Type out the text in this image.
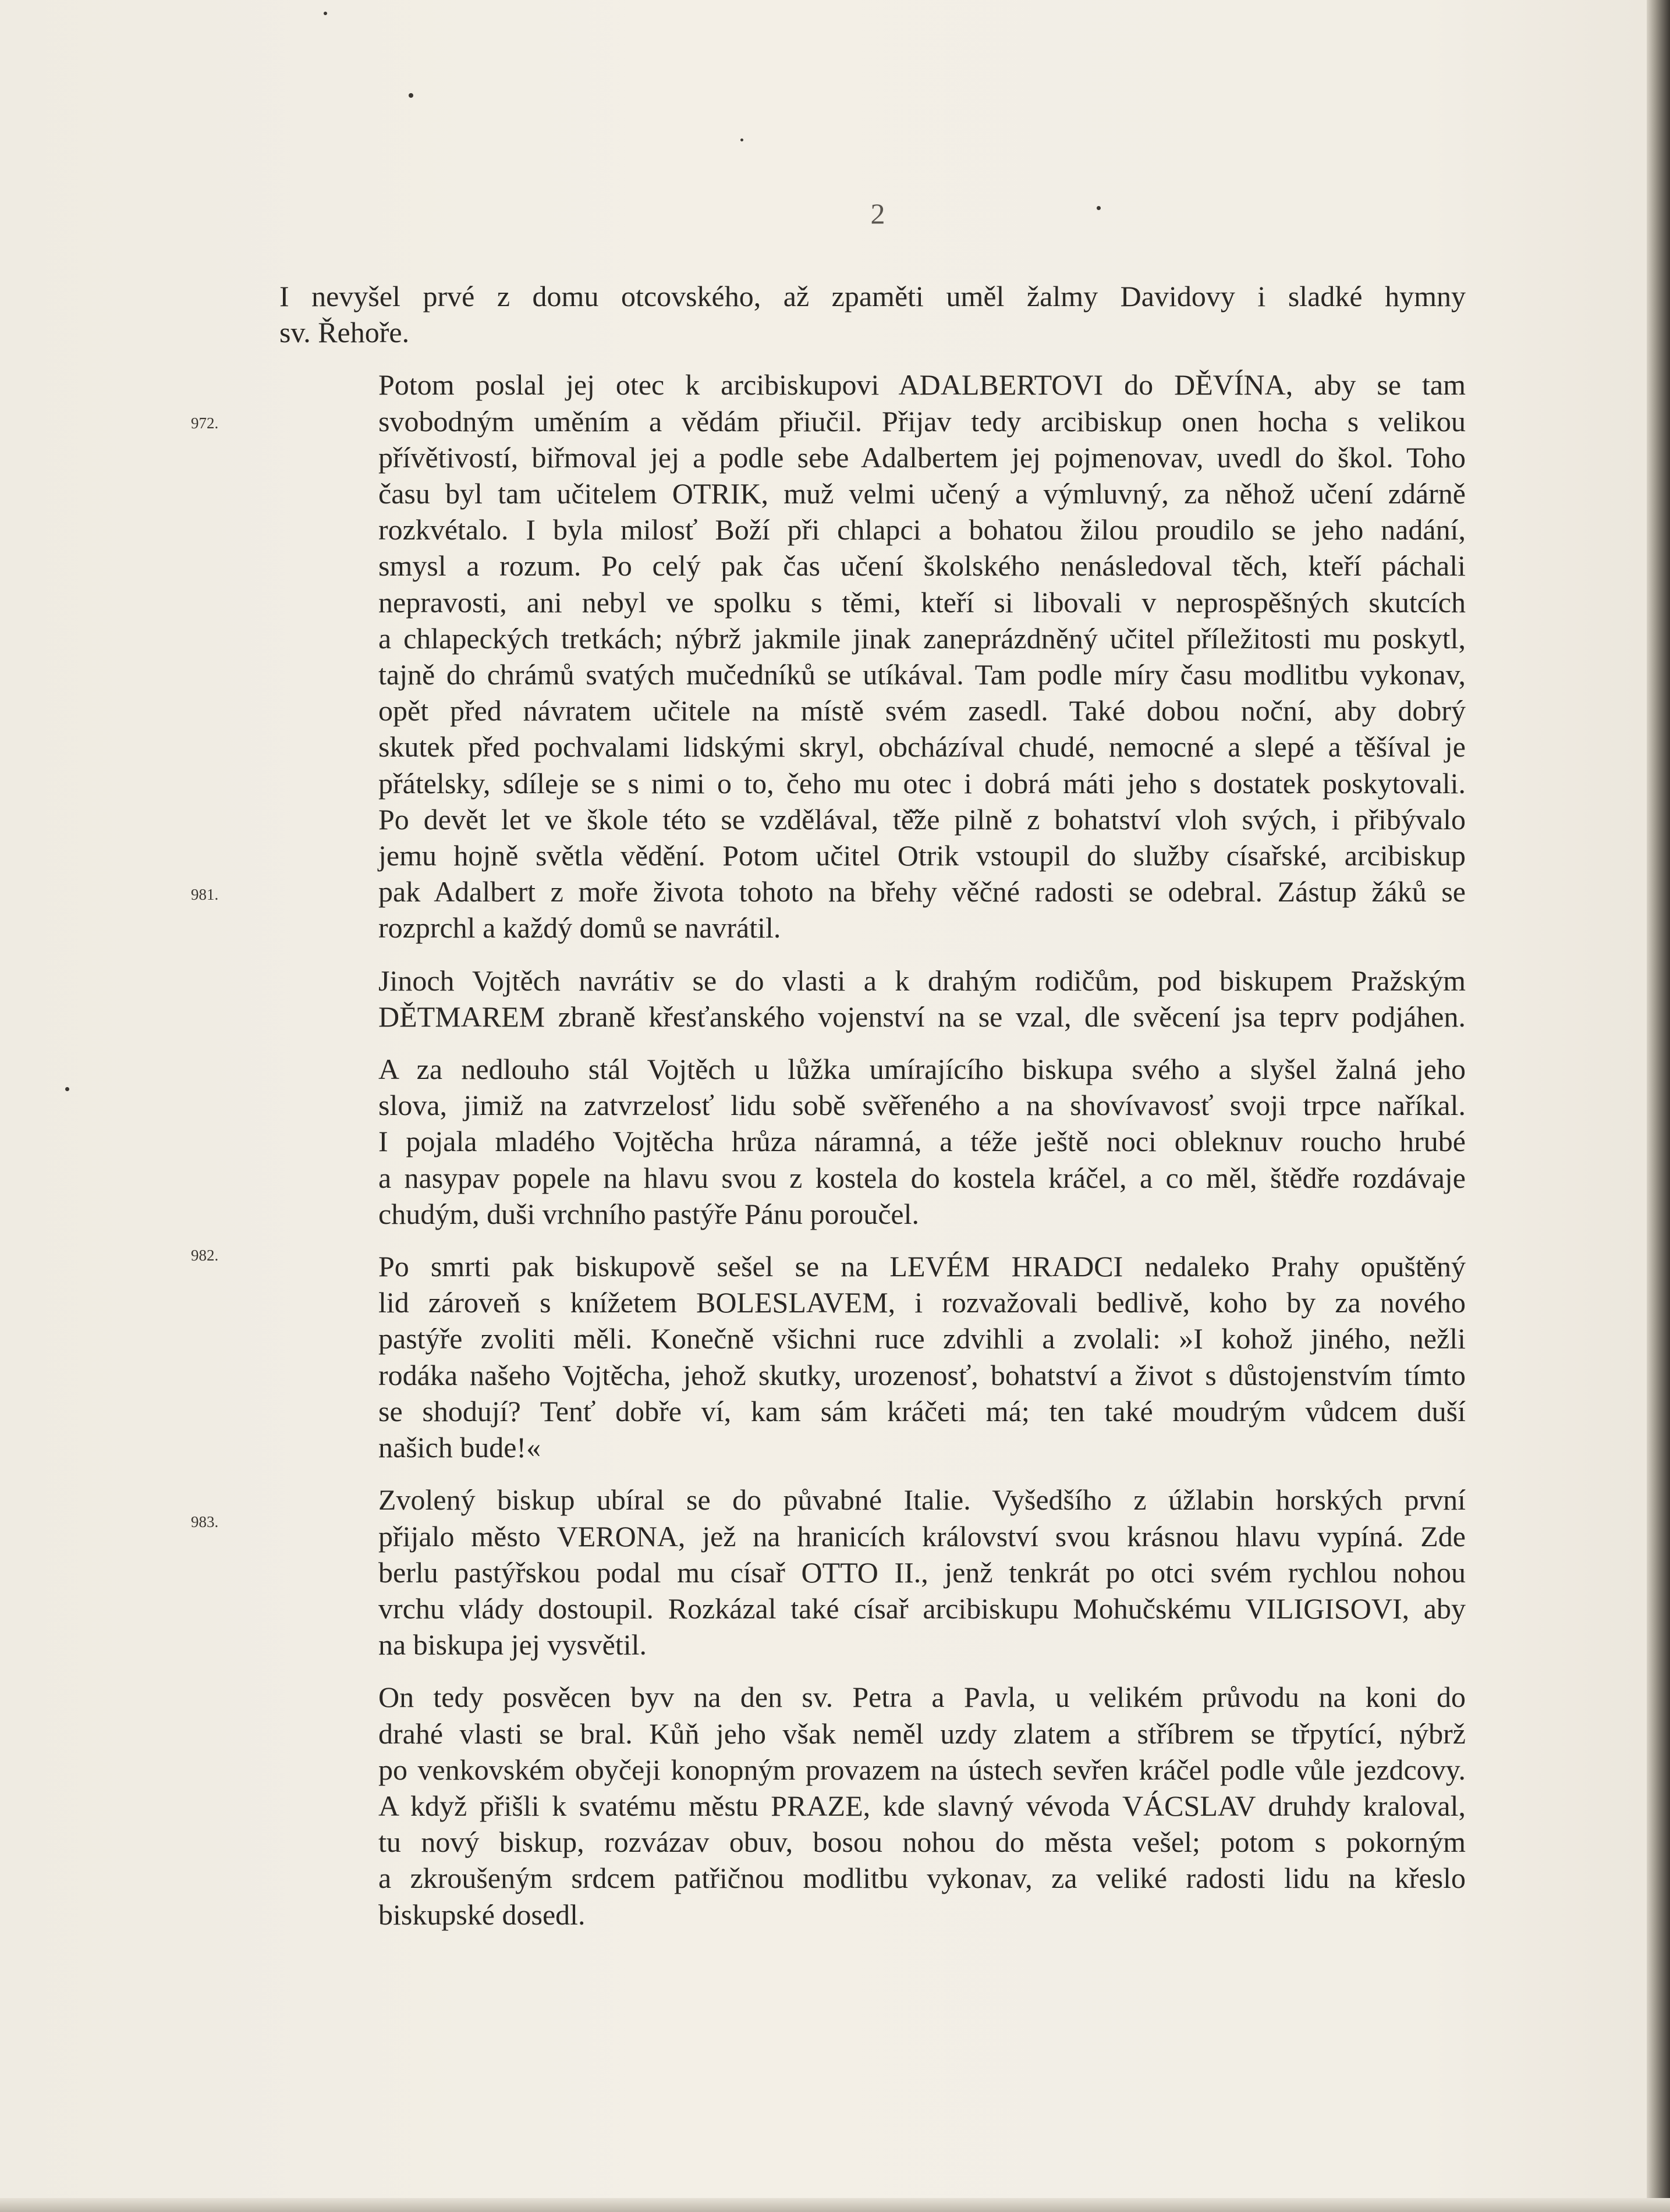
2
972.
981.
982.
983.

I nevyšel prvé z domu otcovského, až zpaměti uměl žalmy Davidovy i sladké hymny
sv. Řehoře.

Potom poslal jej otec k arcibiskupovi ADALBERTOVI do DĚVÍNA, aby se tam
svobodným uměním a vědám přiučil. Přijav tedy arcibiskup onen hocha s velikou
přívětivostí, biřmoval jej a podle sebe Adalbertem jej pojmenovav, uvedl do škol. Toho
času byl tam učitelem OTRIK, muž velmi učený a výmluvný, za něhož učení zdárně
rozkvétalo. I byla milosť Boží při chlapci a bohatou žilou proudilo se jeho nadání,
smysl a rozum. Po celý pak čas učení školského nenásledoval těch, kteří páchali
nepravosti, ani nebyl ve spolku s těmi, kteří si libovali v neprospěšných skutcích
a chlapeckých tretkách; nýbrž jakmile jinak zaneprázdněný učitel příležitosti mu poskytl,
tajně do chrámů svatých mučedníků se utíkával. Tam podle míry času modlitbu vykonav,
opět před návratem učitele na místě svém zasedl. Také dobou noční, aby dobrý
skutek před pochvalami lidskými skryl, obcházíval chudé, nemocné a slepé a těšíval je
přátelsky, sdíleje se s nimi o to, čeho mu otec i dobrá máti jeho s dostatek poskytovali.
Po devět let ve škole této se vzdělával, tě̌že pilně z bohatství vloh svých, i přibývalo
jemu hojně světla vědění. Potom učitel Otrik vstoupil do služby císařské, arcibiskup
pak Adalbert z moře života tohoto na břehy věčné radosti se odebral. Zástup žáků se
rozprchl a každý domů se navrátil.

Jinoch Vojtěch navrátiv se do vlasti a k drahým rodičům, pod biskupem Pražským
DĚTMAREM zbraně křesťanského vojenství na se vzal, dle svěcení jsa teprv podjáhen.

A za nedlouho stál Vojtěch u lůžka umírajícího biskupa svého a slyšel žalná jeho
slova, jimiž na zatvrzelosť lidu sobě svěřeného a na shovívavosť svoji trpce naříkal.
I pojala mladého Vojtěcha hrůza náramná, a téže ještě noci obleknuv roucho hrubé
a nasypav popele na hlavu svou z kostela do kostela kráčel, a co měl, štědře rozdávaje
chudým, duši vrchního pastýře Pánu poroučel.

Po smrti pak biskupově sešel se na LEVÉM HRADCI nedaleko Prahy opuštěný
lid zároveň s knížetem BOLESLAVEM, i rozvažovali bedlivě, koho by za nového
pastýře zvoliti měli. Konečně všichni ruce zdvihli a zvolali: »I kohož jiného, nežli
rodáka našeho Vojtěcha, jehož skutky, urozenosť, bohatství a život s důstojenstvím tímto
se shodují? Tenť dobře ví, kam sám kráčeti má; ten také moudrým vůdcem duší
našich bude!«

Zvolený biskup ubíral se do půvabné Italie. Vyšedšího z úžlabin horských první
přijalo město VERONA, jež na hranicích království svou krásnou hlavu vypíná. Zde
berlu pastýřskou podal mu císař OTTO II., jenž tenkrát po otci svém rychlou nohou
vrchu vlády dostoupil. Rozkázal také císař arcibiskupu Mohučskému VILIGISOVI, aby
na biskupa jej vysvětil.

On tedy posvěcen byv na den sv. Petra a Pavla, u velikém průvodu na koni do
drahé vlasti se bral. Kůň jeho však neměl uzdy zlatem a stříbrem se třpytící, nýbrž
po venkovském obyčeji konopným provazem na ústech sevřen kráčel podle vůle jezdcovy.
A když přišli k svatému městu PRAZE, kde slavný vévoda VÁCSLAV druhdy kraloval,
tu nový biskup, rozvázav obuv, bosou nohou do města vešel; potom s pokorným
a zkroušeným srdcem patřičnou modlitbu vykonav, za veliké radosti lidu na křeslo
biskupské dosedl.
